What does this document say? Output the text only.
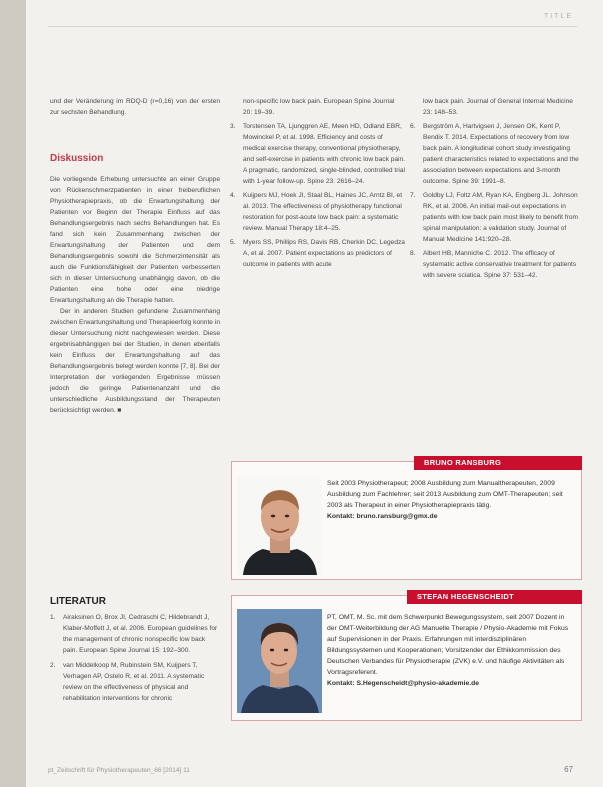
TITLE

und der Veränderung im RDQ-D (r=0,16) von der ersten zur sechsten Behandlung.

Diskussion

Die vorliegende Erhebung untersuchte an einer Gruppe von Rückenschmerzpatienten in einer freiberuflichen Physiotherapiepraxis, ob die Erwartungshaltung der Patienten vor Beginn der Therapie Einfluss auf das Behandlungsergebnis nach sechs Behandlungen hat. Es fand sich kein Zusammenhang zwischen der Erwartungshaltung der Patienten und dem Behandlungsergebnis sowohl die Schmerzintensität als auch die Funktionsfähigkeit der Patienten verbesserten sich in dieser Untersuchung unabhängig davon, ob die Patienten eine hohe oder eine niedrige Erwartungshaltung an die Therapie hatten.

Der in anderen Studien gefundene Zusammenhang zwischen Erwartungshaltung und Therapieerfolg konnte in dieser Untersuchung nicht nachgewiesen werden. Diese ergebnisabhängigen bei der Studien, in denen ebenfalls kein Einfluss der Erwartungshaltung auf das Behandlungsergebnis belegt werden konnte [7, 8]. Bei der Interpretation der vorliegenden Ergebnisse müssen jedoch die geringe Patientenanzahl und die unterschiedliche Ausbildungsstand der Therapeuten berücksichtigt werden. ■

LITERATUR
1.	Airaksinen O, Brox JI, Cedraschi C, Hildebrandt J, Klaber-Moffett J, et al. 2006. European guidelines for the management of chronic nonspecific low back pain. European Spine Journal 15: 192–300.
2.	van Middelkoop M, Rubinstein SM, Kuijpers T, Verhagen AP, Ostelo R, et al. 2011. A systematic review on the effectiveness of physical and rehabilitation interventions for chronic
non-specific low back pain. European Spine Journal 20: 19–39.
3.	Torstensen TA, Ljunggren AE, Meen HD, Odland EBR, Mowinckel P, et al. 1998. Efficiency and costs of medical exercise therapy, conventional physiotherapy, and self-exercise in patients with chronic low back pain. A pragmatic, randomized, single-blinded, controlled trial with 1-year follow-up. Spine 23: 2616–24.
4.	Kuijpers MJ, Hoek JI, Staal BL, Haines JC, Arntz BI, et al. 2013. The effectiveness of physiotherapy functional restoration for post-acute low back pain: a systematic review. Manual Therapy 18:4–25.
5.	Myers SS, Phillips RS, Davis RB, Cherkin DC, Legedza A, et al. 2007. Patient expectations as predictors of outcome in patients with acute
low back pain. Journal of General Internal Medicine 23: 148–53.
6.	Bergström A, Hartvigsen J, Jensen OK, Kent P, Bendix T. 2014. Expectations of recovery from low back pain. A longitudinal cohort study investigating patient characteristics related to expectations and the association between expectations and 3-month outcome. Spine 39: 1991–8.
7.	Goldby LJ, Foltz AM, Ryan KA, Engberg JL. Johnson RK, et al. 2006. An initial mail-out expectations in patients with low back pain most likely to benefit from spinal manipulation: a validation study. Journal of Manual Medicine 141:920–28.
8.	Albert HB, Manniche C. 2012. The efficacy of systematic active conservative treatment for patients with severe sciatica. Spine 37: 531–42.
BRUNO RANSBURG
Seit 2003 Physiotherapeut; 2008 Ausbildung zum Manualtherapeuten, 2009 Ausbildung zum Fachlehrer; seit 2013 Ausbildung zum OMT-Therapeuten; seit 2003 als Therapeut in einer Physiotherapiepraxis tätig.
Kontakt: bruno.ransburg@gmx.de
STEFAN HEGENSCHEIDT
PT, OMT, M. Sc. mit dem Schwerpunkt Bewegungssystem, seit 2007 Dozent in der OMT-Weiterbildung der AG Manuelle Therapie / Physio-Akademie mit Fokus auf Supervisionen in der Praxis. Erfahrungen mit interdisziplinären Bildungssystemen und Kooperationen; Vorsitzender der Ethikkommission des Deutschen Verbandes für Physiotherapie (ZVK) e.V. und häufige Aktivitäten als Vortragsreferent.
Kontakt: S.Hegenscheidt@physio-akademie.de
pt_Zeitschrift für Physiotherapeuten_66 [2014] 11	67
